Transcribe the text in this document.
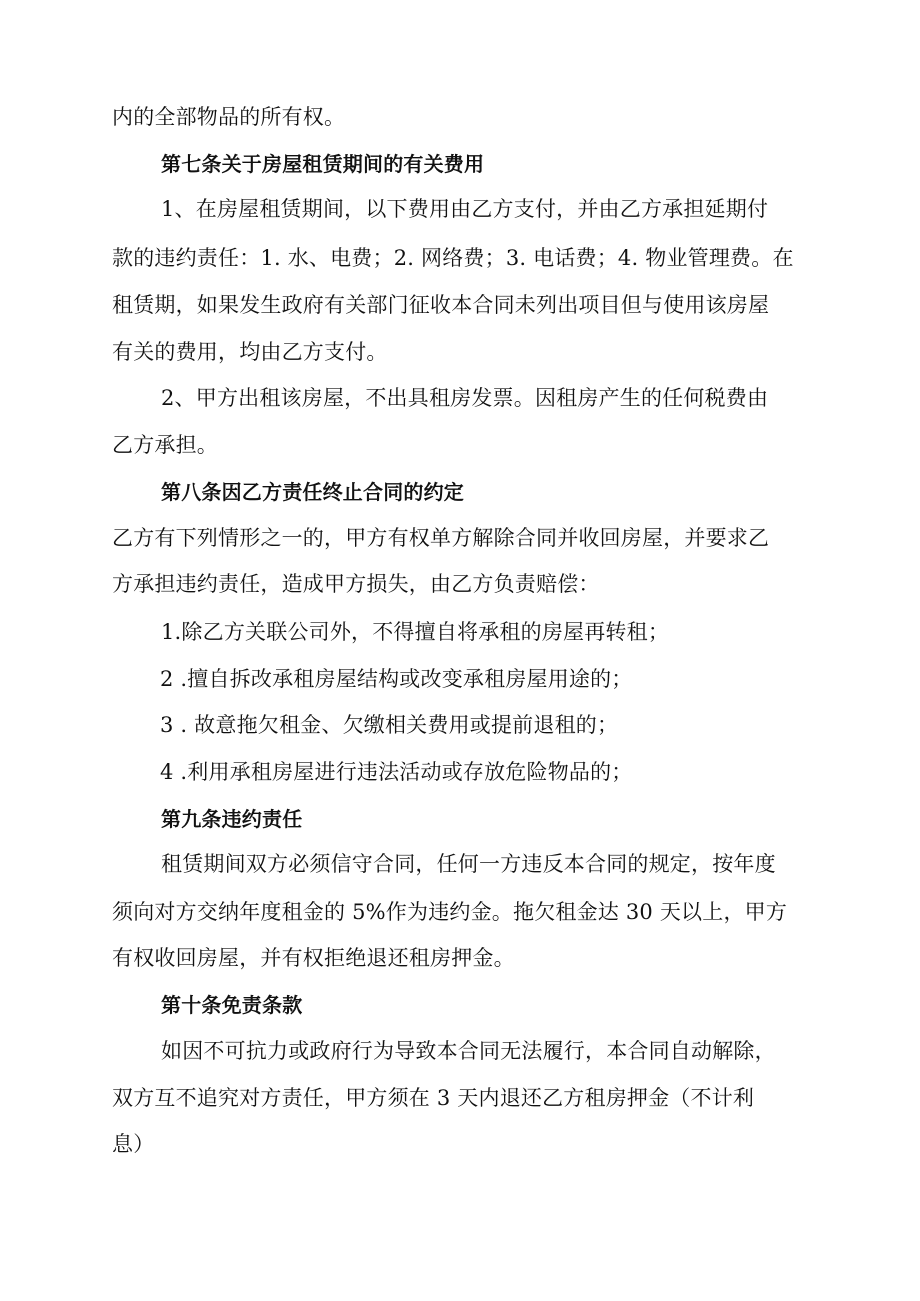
内的全部物品的所有权。
第七条关于房屋租赁期间的有关费用
1、在房屋租赁期间，以下费用由乙方支付，并由乙方承担延期付
款的违约责任：1. 水、电费；2. 网络费；3. 电话费；4. 物业管理费。在
租赁期，如果发生政府有关部门征收本合同未列出项目但与使用该房屋
有关的费用，均由乙方支付。
2、甲方出租该房屋，不出具租房发票。因租房产生的任何税费由
乙方承担。
第八条因乙方责任终止合同的约定
乙方有下列情形之一的，甲方有权单方解除合同并收回房屋，并要求乙
方承担违约责任，造成甲方损失，由乙方负责赔偿：
1.除乙方关联公司外，不得擅自将承租的房屋再转租；
2 .擅自拆改承租房屋结构或改变承租房屋用途的；
3 . 故意拖欠租金、欠缴相关费用或提前退租的；
4 .利用承租房屋进行违法活动或存放危险物品的；
第九条违约责任
租赁期间双方必须信守合同，任何一方违反本合同的规定，按年度
须向对方交纳年度租金的 5%作为违约金。拖欠租金达 30 天以上，甲方
有权收回房屋，并有权拒绝退还租房押金。
第十条免责条款
如因不可抗力或政府行为导致本合同无法履行，本合同自动解除，
双方互不追究对方责任，甲方须在 3 天内退还乙方租房押金（不计利
息）
